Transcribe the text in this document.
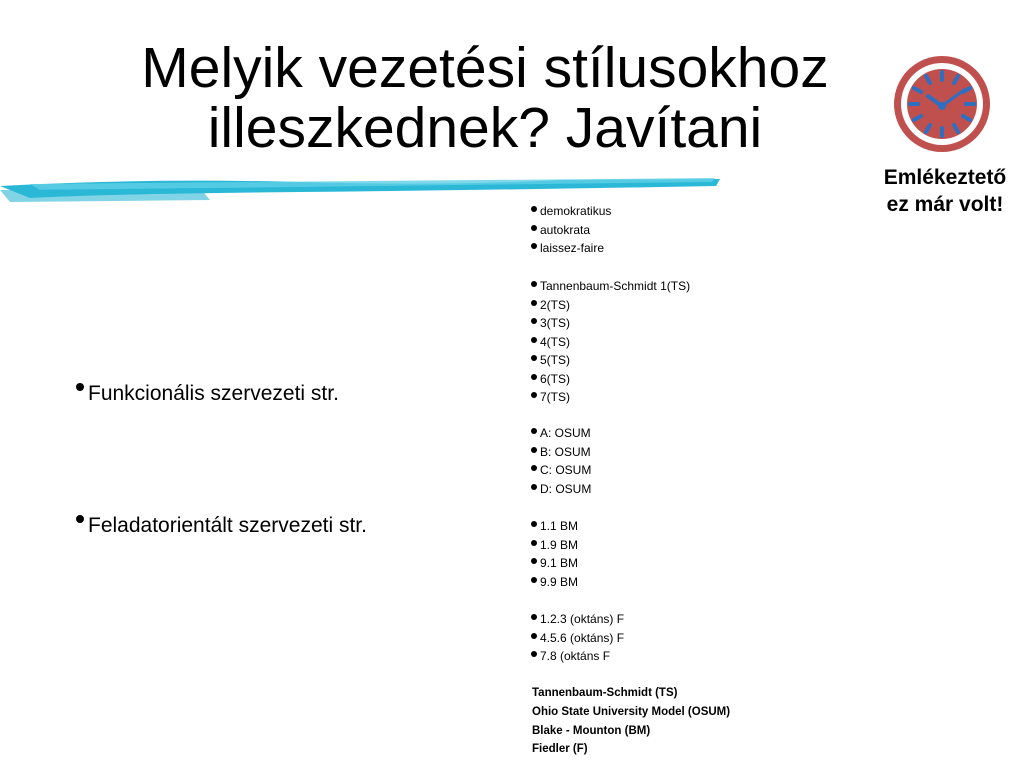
Melyik vezetési stílusokhoz
illeszkednek? Javítani
Emlékeztető
ez már volt!
Funkcionális szervezeti str.
Feladatorientált szervezeti str.
demokratikus
autokrata
laissez-faire
Tannenbaum-Schmidt 1(TS)
2(TS)
3(TS)
4(TS)
5(TS)
6(TS)
7(TS)
A: OSUM
B: OSUM
C: OSUM
D: OSUM
1.1 BM
1.9 BM
9.1 BM
9.9 BM
1.2.3 (oktáns) F
4.5.6 (oktáns) F
7.8 (oktáns F
Tannenbaum-Schmidt (TS)
Ohio State University Model (OSUM)
Blake - Mounton (BM)
Fiedler (F)
